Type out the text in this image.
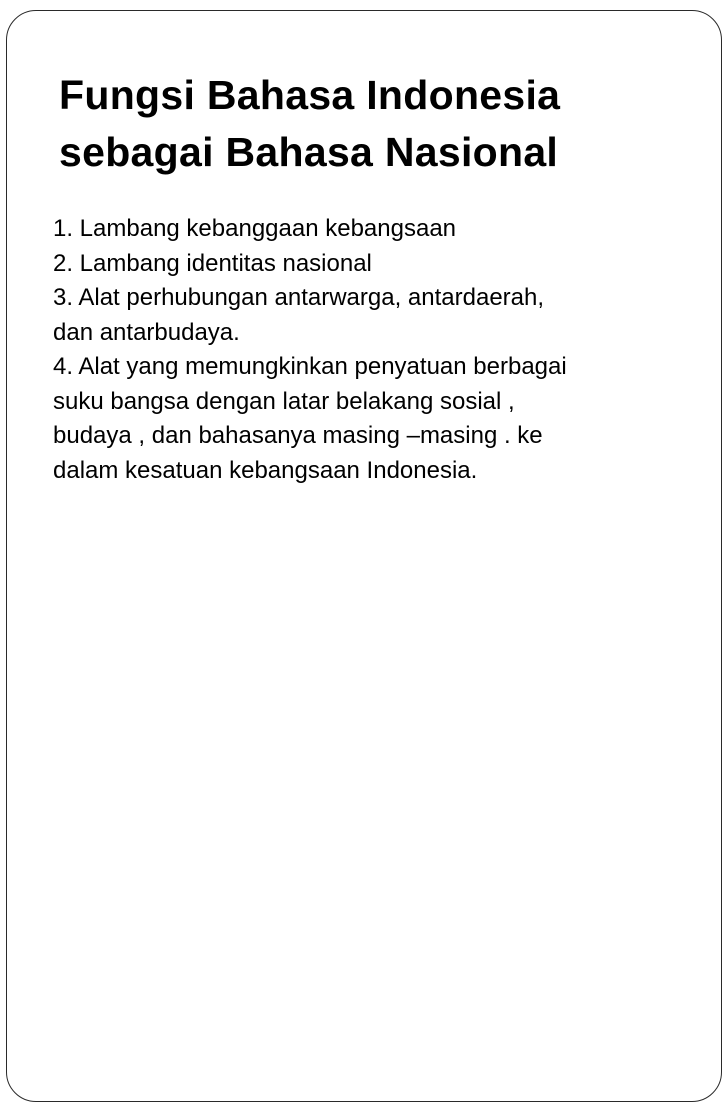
Fungsi Bahasa Indonesia
sebagai Bahasa Nasional
1. Lambang kebanggaan kebangsaan
2. Lambang identitas nasional
3. Alat perhubungan antarwarga, antardaerah,
dan antarbudaya.
4. Alat yang memungkinkan penyatuan berbagai
suku bangsa dengan latar belakang sosial ,
budaya , dan bahasanya masing –masing . ke
dalam kesatuan kebangsaan Indonesia.
